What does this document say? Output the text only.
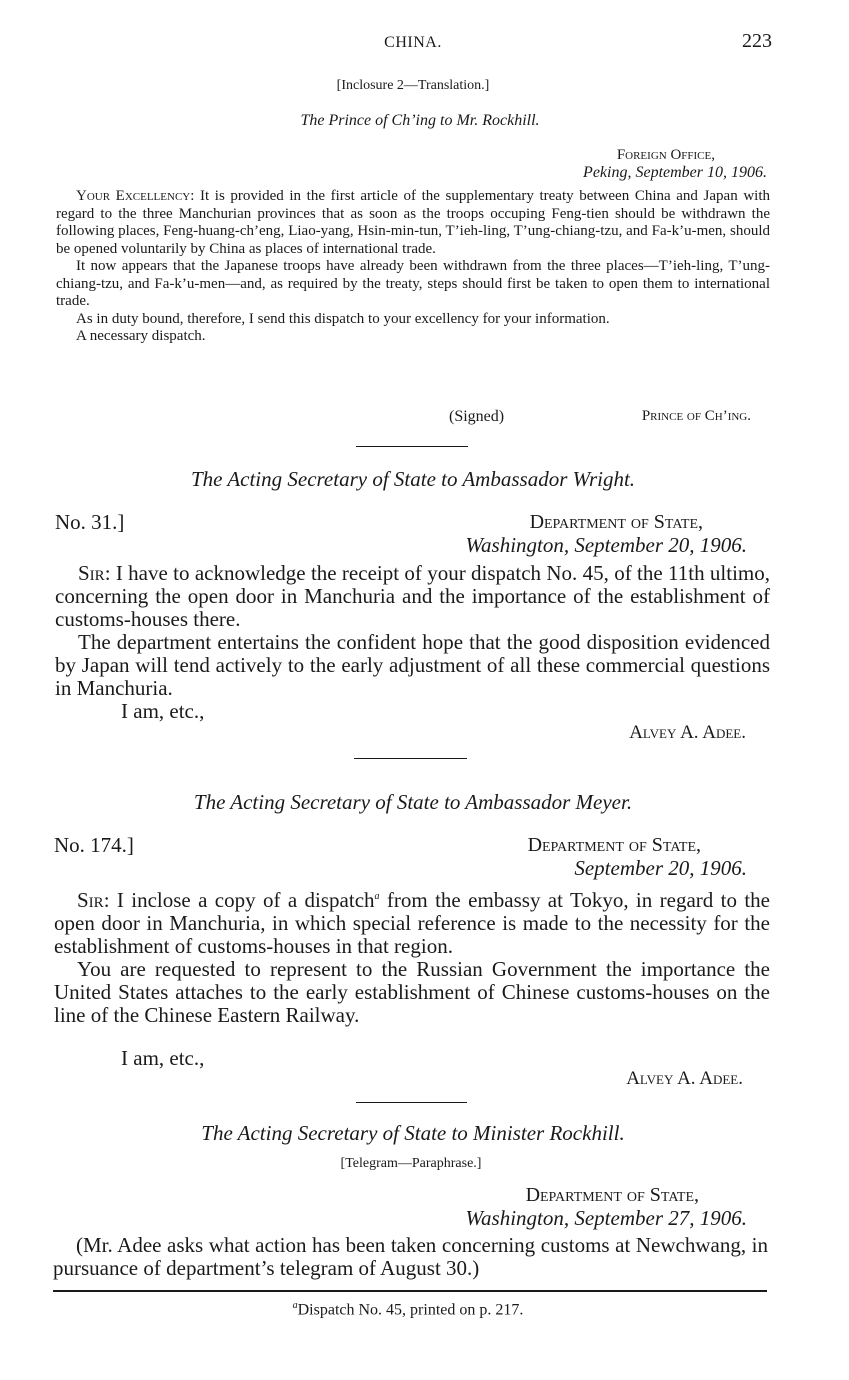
CHINA.	223
[Inclosure 2—Translation.]
The Prince of Ch’ing to Mr. Rockhill.
Foreign Office,
Peking, September 10, 1906.

Your Excellency: It is provided in the first article of the supplementary treaty between China and Japan with regard to the three Manchurian provinces that as soon as the troops occuping Feng-tien should be withdrawn the following places, Feng-huang-ch’eng, Liao-yang, Hsin-min-tun, T’ieh-ling, T’ung-chiang-tzu, and Fa-k’u-men, should be opened voluntarily by China as places of international trade.

It now appears that the Japanese troops have already been withdrawn from the three places—T’ieh-ling, T’ung-chiang-tzu, and Fa-k’u-men—and, as required by the treaty, steps should first be taken to open them to international trade.

As in duty bound, therefore, I send this dispatch to your excellency for your information.

A necessary dispatch.

(Signed)	Prince of Ch’ing.
The Acting Secretary of State to Ambassador Wright.
No. 31.]	Department of State,
Washington, September 20, 1906.

Sir: I have to acknowledge the receipt of your dispatch No. 45, of the 11th ultimo, concerning the open door in Manchuria and the importance of the establishment of customs-houses there.

The department entertains the confident hope that the good disposition evidenced by Japan will tend actively to the early adjustment of all these commercial questions in Manchuria.

I am, etc.,
Alvey A. Adee.
The Acting Secretary of State to Ambassador Meyer.
No. 174.]	Department of State,
September 20, 1906.

Sir: I inclose a copy of a dispatch$^a$ from the embassy at Tokyo, in regard to the open door in Manchuria, in which special reference is made to the necessity for the establishment of customs-houses in that region.

You are requested to represent to the Russian Government the importance the United States attaches to the early establishment of Chinese customs-houses on the line of the Chinese Eastern Railway.

I am, etc.,
Alvey A. Adee.
The Acting Secretary of State to Minister Rockhill.
[Telegram—Paraphrase.]
Department of State,
Washington, September 27, 1906.

(Mr. Adee asks what action has been taken concerning customs at Newchwang, in pursuance of department’s telegram of August 30.)

$^a$Dispatch No. 45, printed on p. 217.
